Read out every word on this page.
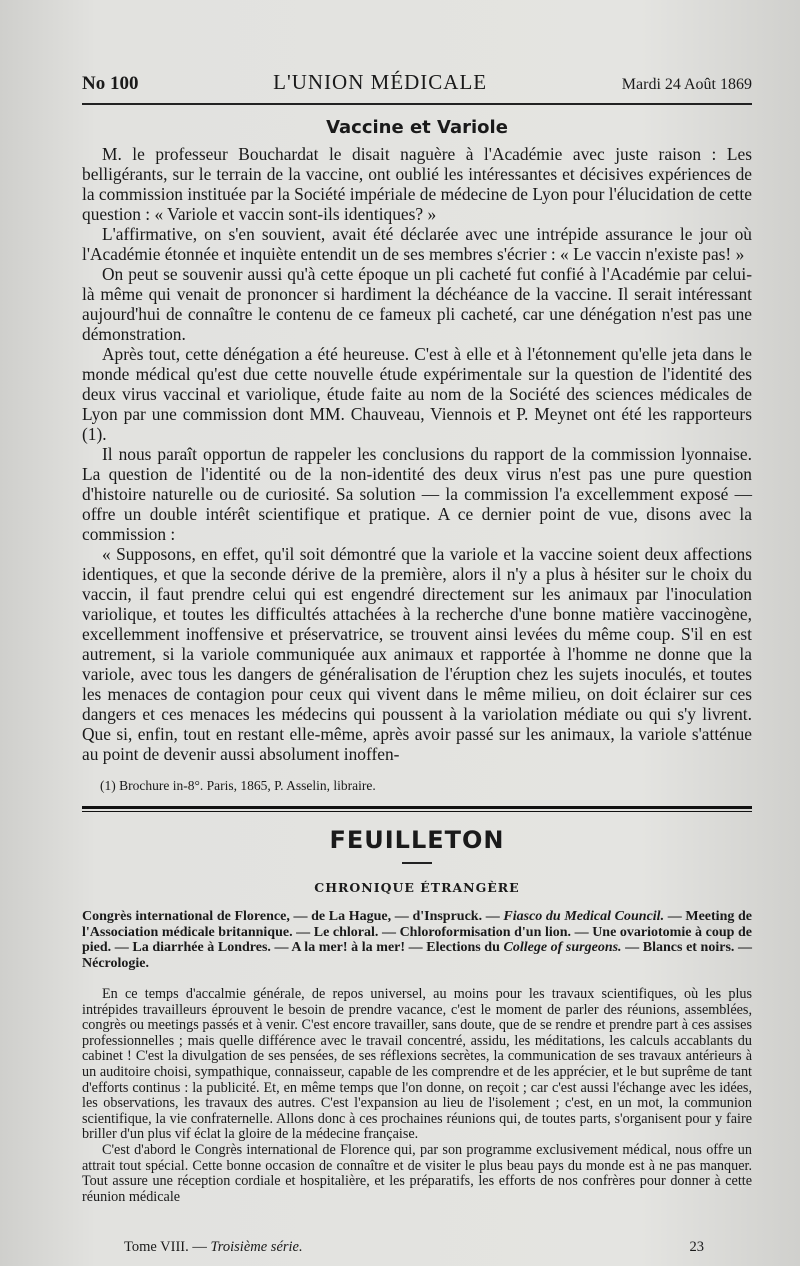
No 100	L'UNION MÉDICALE	Mardi 24 Août 1869
Vaccine et Variole

M. le professeur Bouchardat le disait naguère à l'Académie avec juste raison : Les belligérants, sur le terrain de la vaccine, ont oublié les intéressantes et décisives expériences de la commission instituée par la Société impériale de médecine de Lyon pour l'élucidation de cette question : « Variole et vaccin sont-ils identiques? »

L'affirmative, on s'en souvient, avait été déclarée avec une intrépide assurance le jour où l'Académie étonnée et inquiète entendit un de ses membres s'écrier : « Le vaccin n'existe pas! »

On peut se souvenir aussi qu'à cette époque un pli cacheté fut confié à l'Académie par celui-là même qui venait de prononcer si hardiment la déchéance de la vaccine. Il serait intéressant aujourd'hui de connaître le contenu de ce fameux pli cacheté, car une dénégation n'est pas une démonstration.

Après tout, cette dénégation a été heureuse. C'est à elle et à l'étonnement qu'elle jeta dans le monde médical qu'est due cette nouvelle étude expérimentale sur la question de l'identité des deux virus vaccinal et variolique, étude faite au nom de la Société des sciences médicales de Lyon par une commission dont MM. Chauveau, Viennois et P. Meynet ont été les rapporteurs (1).

Il nous paraît opportun de rappeler les conclusions du rapport de la commission lyonnaise. La question de l'identité ou de la non-identité des deux virus n'est pas une pure question d'histoire naturelle ou de curiosité. Sa solution — la commission l'a excellemment exposé — offre un double intérêt scientifique et pratique. A ce dernier point de vue, disons avec la commission :

« Supposons, en effet, qu'il soit démontré que la variole et la vaccine soient deux affections identiques, et que la seconde dérive de la première, alors il n'y a plus à hésiter sur le choix du vaccin, il faut prendre celui qui est engendré directement sur les animaux par l'inoculation variolique, et toutes les difficultés attachées à la recherche d'une bonne matière vaccinogène, excellemment inoffensive et préservatrice, se trouvent ainsi levées du même coup. S'il en est autrement, si la variole communiquée aux animaux et rapportée à l'homme ne donne que la variole, avec tous les dangers de généralisation de l'éruption chez les sujets inoculés, et toutes les menaces de contagion pour ceux qui vivent dans le même milieu, on doit éclairer sur ces dangers et ces menaces les médecins qui poussent à la variolation médiate ou qui s'y livrent. Que si, enfin, tout en restant elle-même, après avoir passé sur les animaux, la variole s'atténue au point de devenir aussi absolument inoffen-

(1) Brochure in-8°. Paris, 1865, P. Asselin, libraire.
FEUILLETON
CHRONIQUE ÉTRANGÈRE
Congrès international de Florence, — de La Hague, — d'Inspruck. — Fiasco du Medical Council. — Meeting de l'Association médicale britannique. — Le chloral. — Chloroformisation d'un lion. — Une ovariotomie à coup de pied. — La diarrhée à Londres. — A la mer! à la mer! — Elections du College of surgeons. — Blancs et noirs. — Nécrologie.

En ce temps d'accalmie générale, de repos universel, au moins pour les travaux scientifiques, où les plus intrépides travailleurs éprouvent le besoin de prendre vacance, c'est le moment de parler des réunions, assemblées, congrès ou meetings passés et à venir. C'est encore travailler, sans doute, que de se rendre et prendre part à ces assises professionnelles ; mais quelle différence avec le travail concentré, assidu, les méditations, les calculs accablants du cabinet ! C'est la divulgation de ses pensées, de ses réflexions secrètes, la communication de ses travaux antérieurs à un auditoire choisi, sympathique, connaisseur, capable de les comprendre et de les apprécier, et le but suprême de tant d'efforts continus : la publicité. Et, en même temps que l'on donne, on reçoit ; car c'est aussi l'échange avec les idées, les observations, les travaux des autres. C'est l'expansion au lieu de l'isolement ; c'est, en un mot, la communion scientifique, la vie confraternelle. Allons donc à ces prochaines réunions qui, de toutes parts, s'organisent pour y faire briller d'un plus vif éclat la gloire de la médecine française.

C'est d'abord le Congrès international de Florence qui, par son programme exclusivement médical, nous offre un attrait tout spécial. Cette bonne occasion de connaître et de visiter le plus beau pays du monde est à ne pas manquer. Tout assure une réception cordiale et hospitalière, et les préparatifs, les efforts de nos confrères pour donner à cette réunion médicale

Tome VIII. — Troisième série.	23
